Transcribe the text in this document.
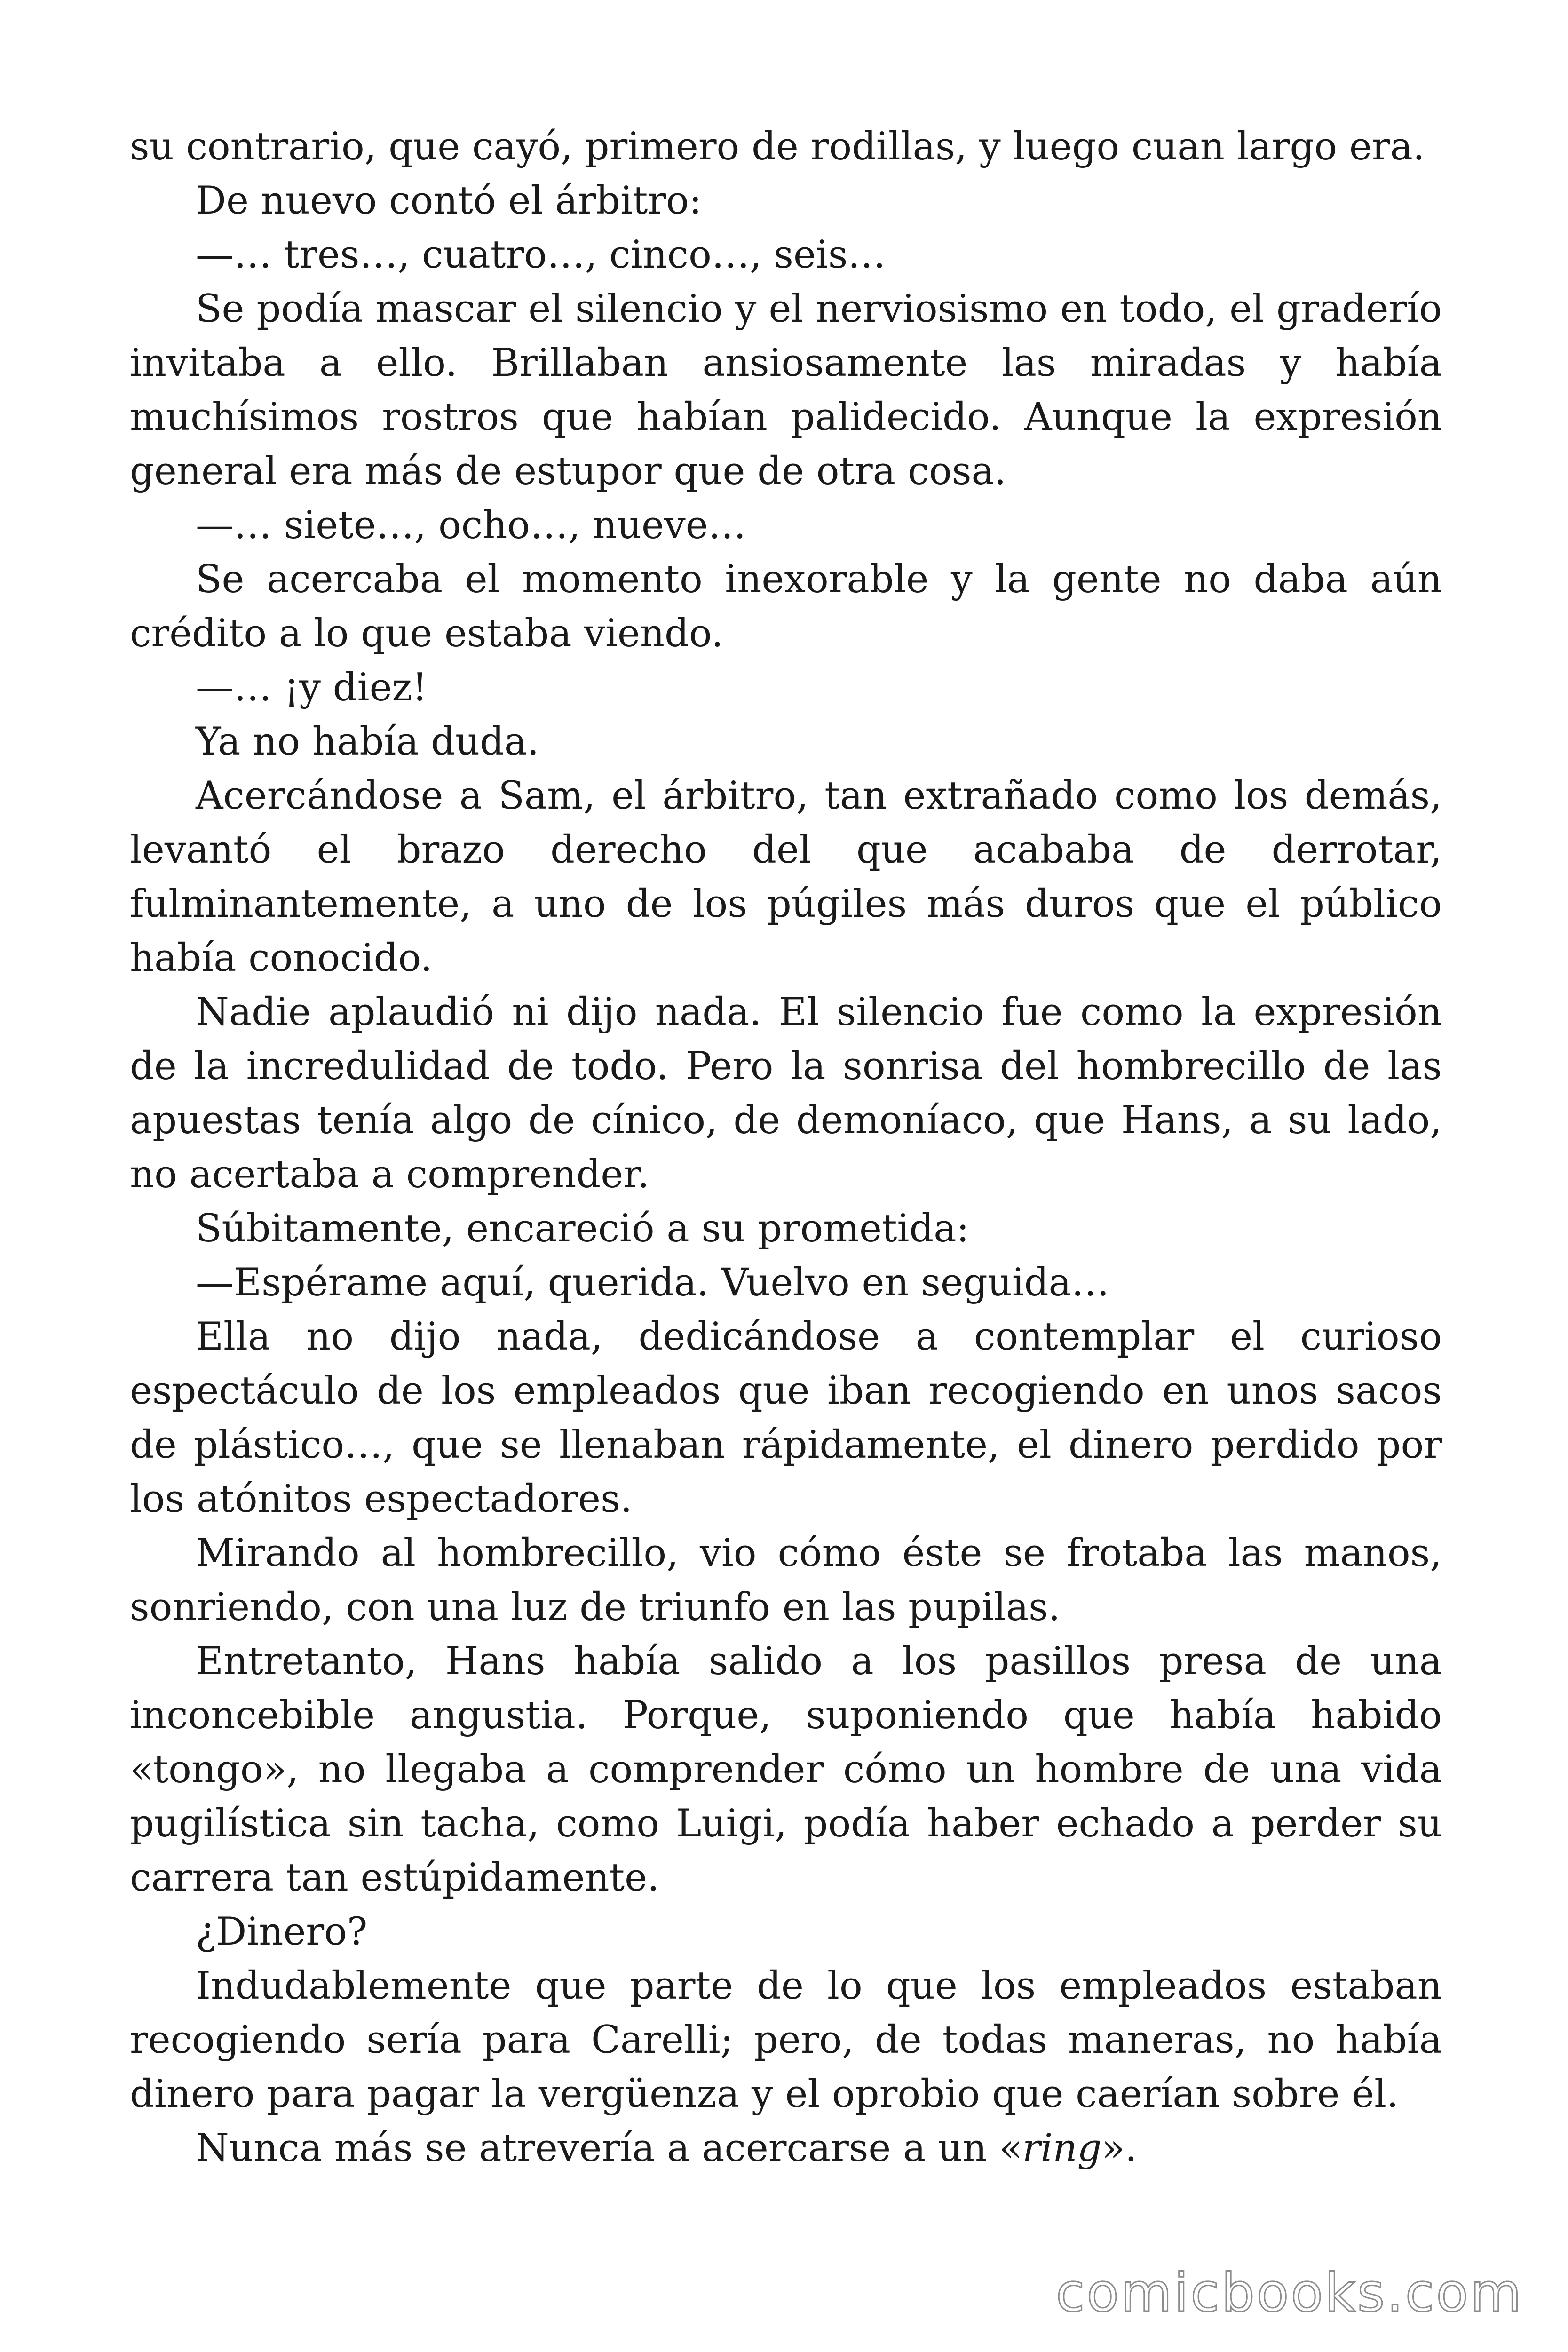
su contrario, que cayó, primero de rodillas, y luego cuan largo era.

De nuevo contó el árbitro:

—… tres…, cuatro…, cinco…, seis…

Se podía mascar el silencio y el nerviosismo en todo, el graderío invitaba a ello. Brillaban ansiosamente las miradas y había muchísimos rostros que habían palidecido. Aunque la expresión general era más de estupor que de otra cosa.

—… siete…, ocho…, nueve…

Se acercaba el momento inexorable y la gente no daba aún crédito a lo que estaba viendo.

—… ¡y diez!

Ya no había duda.

Acercándose a Sam, el árbitro, tan extrañado como los demás, levantó el brazo derecho del que acababa de derrotar, fulminantemente, a uno de los púgiles más duros que el público había conocido.

Nadie aplaudió ni dijo nada. El silencio fue como la expresión de la incredulidad de todo. Pero la sonrisa del hombrecillo de las apuestas tenía algo de cínico, de demoníaco, que Hans, a su lado, no acertaba a comprender.

Súbitamente, encareció a su prometida:

—Espérame aquí, querida. Vuelvo en seguida…

Ella no dijo nada, dedicándose a contemplar el curioso espectáculo de los empleados que iban recogiendo en unos sacos de plástico…, que se llenaban rápidamente, el dinero perdido por los atónitos espectadores.

Mirando al hombrecillo, vio cómo éste se frotaba las manos, sonriendo, con una luz de triunfo en las pupilas.

Entretanto, Hans había salido a los pasillos presa de una inconcebible angustia. Porque, suponiendo que había habido «tongo», no llegaba a comprender cómo un hombre de una vida pugilística sin tacha, como Luigi, podía haber echado a perder su carrera tan estúpidamente.

¿Dinero?

Indudablemente que parte de lo que los empleados estaban recogiendo sería para Carelli; pero, de todas maneras, no había dinero para pagar la vergüenza y el oprobio que caerían sobre él.

Nunca más se atrevería a acercarse a un «ring».

comicbooks.com
